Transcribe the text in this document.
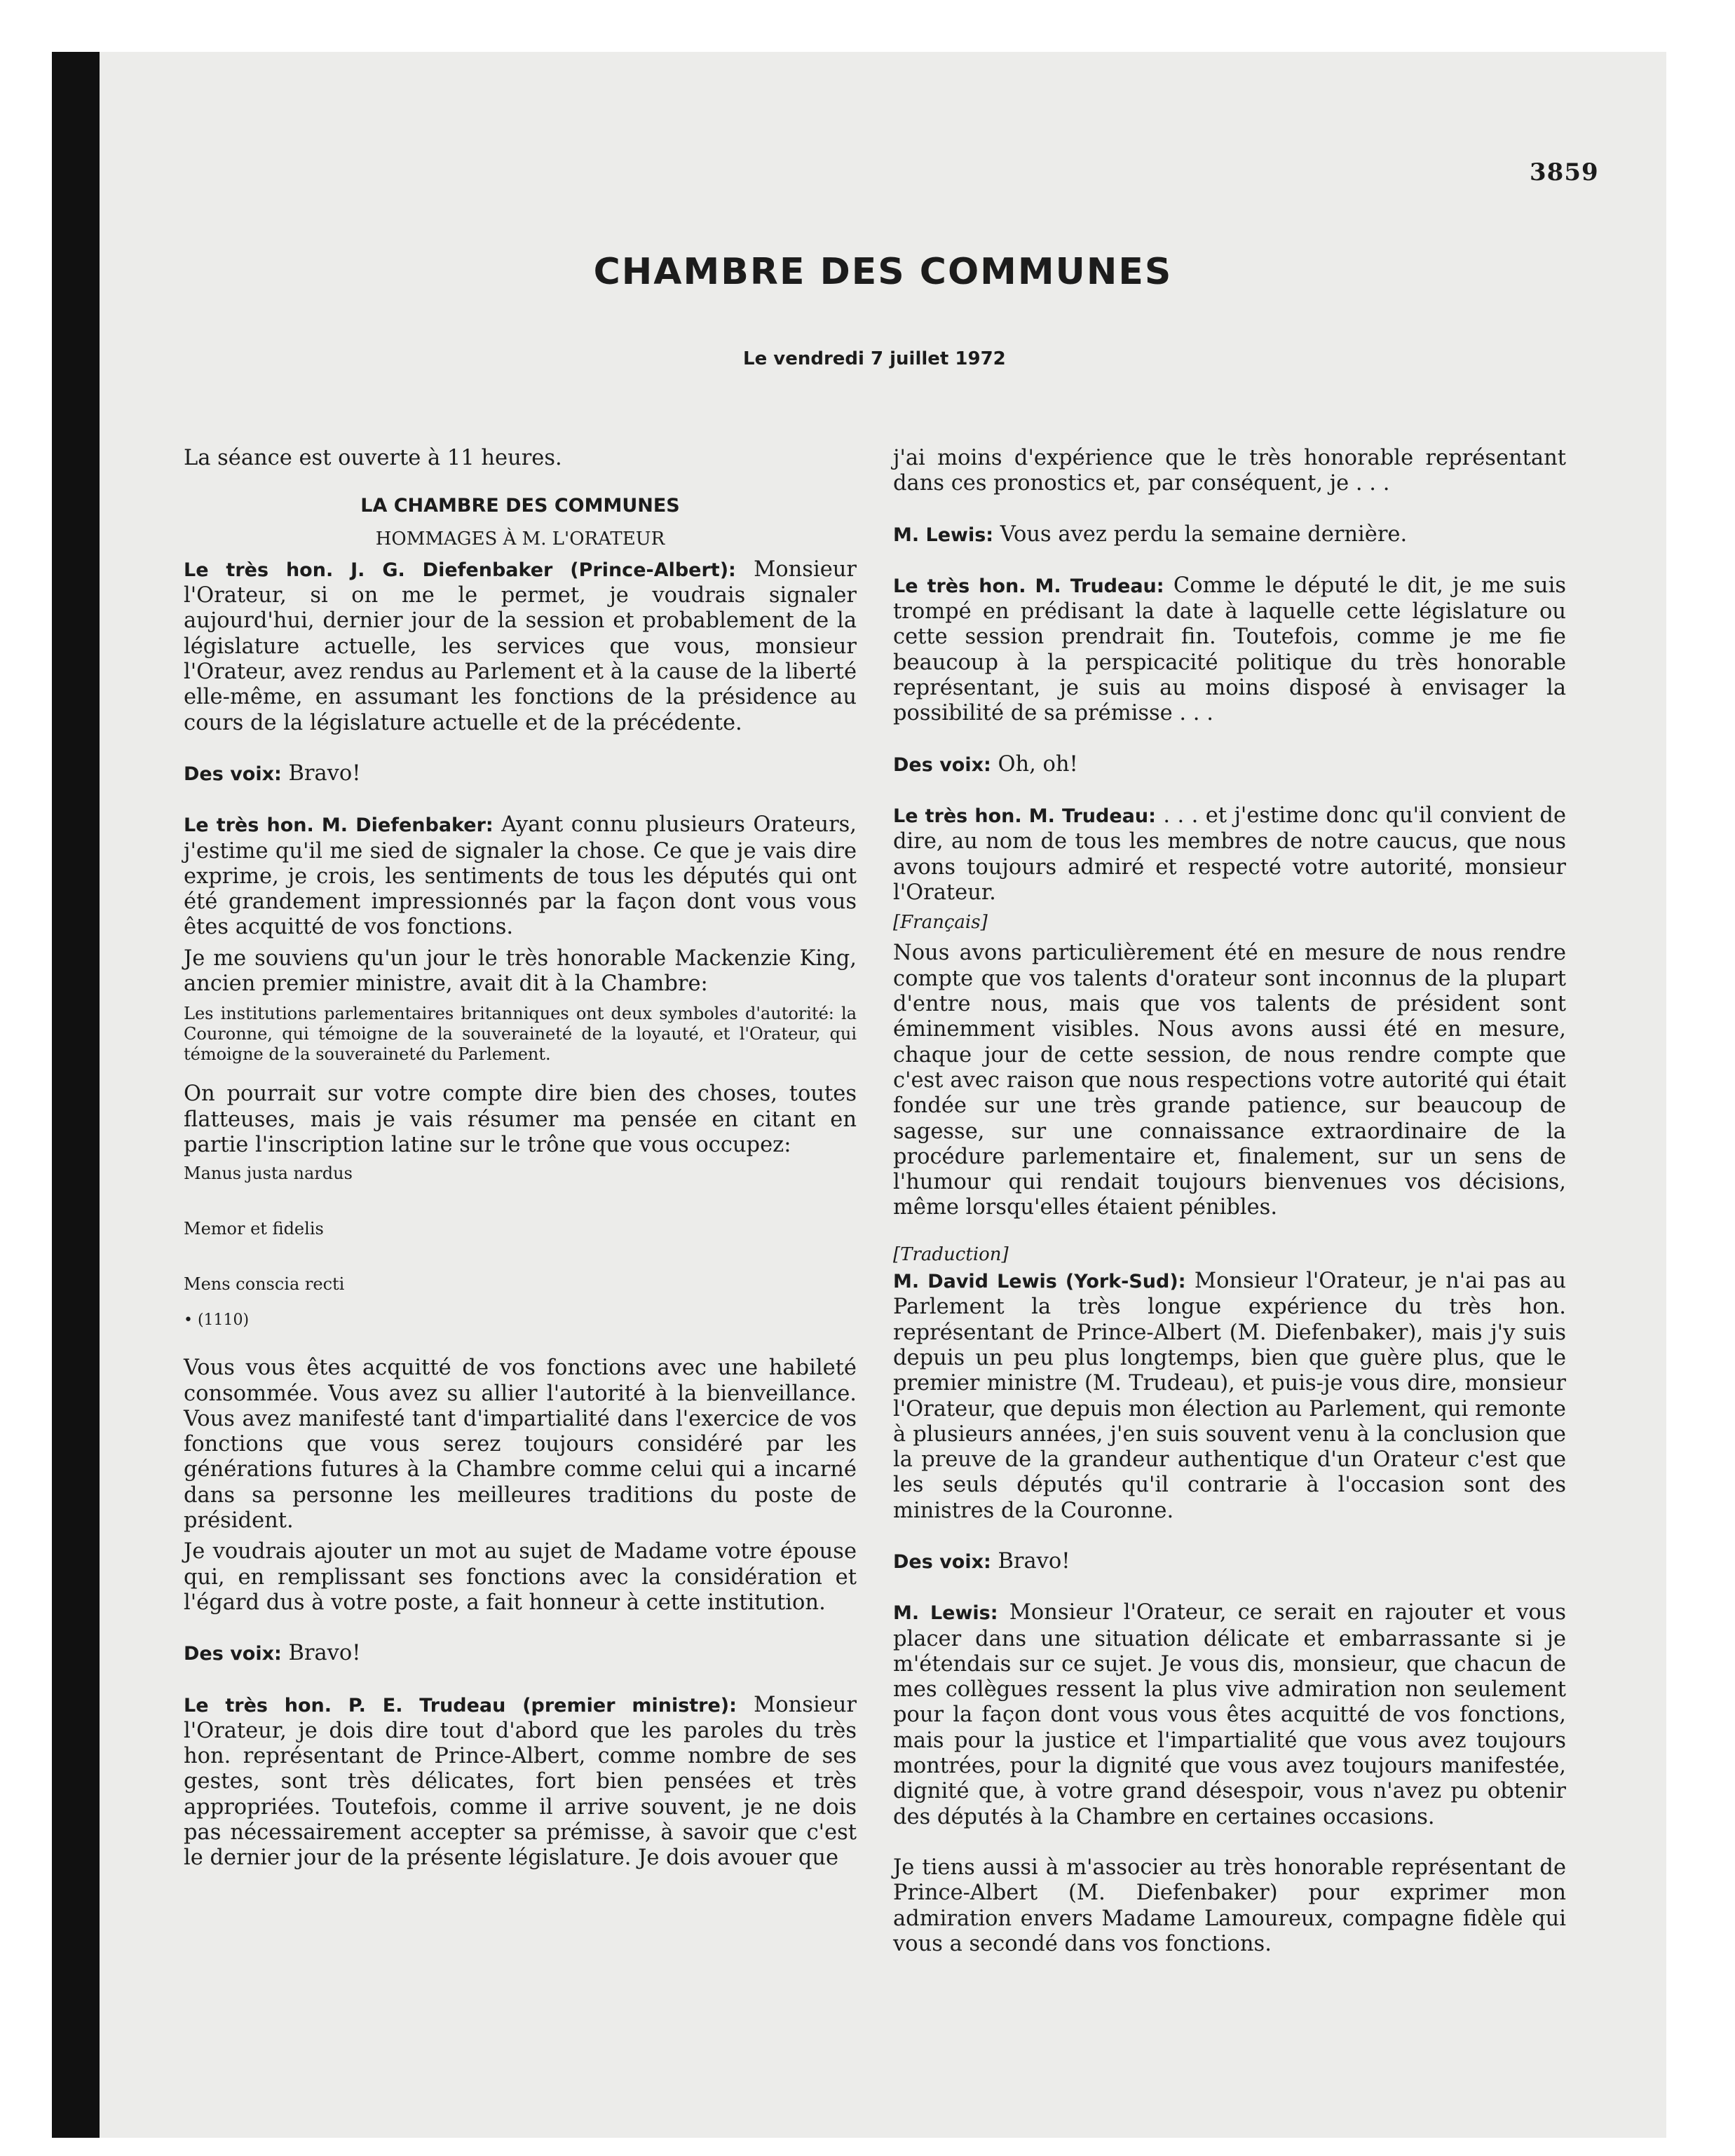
3859
CHAMBRE DES COMMUNES
Le vendredi 7 juillet 1972

La séance est ouverte à 11 heures.

LA CHAMBRE DES COMMUNES
HOMMAGES À M. L'ORATEUR

Le très hon. J. G. Diefenbaker (Prince-Albert): Monsieur l'Orateur, si on me le permet, je voudrais signaler aujourd'hui, dernier jour de la session et probablement de la législature actuelle, les services que vous, monsieur l'Orateur, avez rendus au Parlement et à la cause de la liberté elle-même, en assumant les fonctions de la présidence au cours de la législature actuelle et de la précédente.

Des voix: Bravo!

Le très hon. M. Diefenbaker: Ayant connu plusieurs Orateurs, j'estime qu'il me sied de signaler la chose. Ce que je vais dire exprime, je crois, les sentiments de tous les députés qui ont été grandement impressionnés par la façon dont vous vous êtes acquitté de vos fonctions.

Je me souviens qu'un jour le très honorable Mackenzie King, ancien premier ministre, avait dit à la Chambre:

Les institutions parlementaires britanniques ont deux symboles d'autorité: la Couronne, qui témoigne de la souveraineté de la loyauté, et l'Orateur, qui témoigne de la souveraineté du Parlement.

On pourrait sur votre compte dire bien des choses, toutes flatteuses, mais je vais résumer ma pensée en citant en partie l'inscription latine sur le trône que vous occupez:

Manus justa nardus

Memor et fidelis

Mens conscia recti

• (1110)

Vous vous êtes acquitté de vos fonctions avec une habileté consommée. Vous avez su allier l'autorité à la bienveillance. Vous avez manifesté tant d'impartialité dans l'exercice de vos fonctions que vous serez toujours considéré par les générations futures à la Chambre comme celui qui a incarné dans sa personne les meilleures traditions du poste de président.

Je voudrais ajouter un mot au sujet de Madame votre épouse qui, en remplissant ses fonctions avec la considération et l'égard dus à votre poste, a fait honneur à cette institution.

Des voix: Bravo!

Le très hon. P. E. Trudeau (premier ministre): Monsieur l'Orateur, je dois dire tout d'abord que les paroles du très hon. représentant de Prince-Albert, comme nombre de ses gestes, sont très délicates, fort bien pensées et très appropriées. Toutefois, comme il arrive souvent, je ne dois pas nécessairement accepter sa prémisse, à savoir que c'est le dernier jour de la présente législature. Je dois avouer que

j'ai moins d'expérience que le très honorable représentant dans ces pronostics et, par conséquent, je . . .

M. Lewis: Vous avez perdu la semaine dernière.

Le très hon. M. Trudeau: Comme le député le dit, je me suis trompé en prédisant la date à laquelle cette législature ou cette session prendrait fin. Toutefois, comme je me fie beaucoup à la perspicacité politique du très honorable représentant, je suis au moins disposé à envisager la possibilité de sa prémisse . . .

Des voix: Oh, oh!

Le très hon. M. Trudeau: . . . et j'estime donc qu'il convient de dire, au nom de tous les membres de notre caucus, que nous avons toujours admiré et respecté votre autorité, monsieur l'Orateur.

[Français]

Nous avons particulièrement été en mesure de nous rendre compte que vos talents d'orateur sont inconnus de la plupart d'entre nous, mais que vos talents de président sont éminemment visibles. Nous avons aussi été en mesure, chaque jour de cette session, de nous rendre compte que c'est avec raison que nous respections votre autorité qui était fondée sur une très grande patience, sur beaucoup de sagesse, sur une connaissance extraordinaire de la procédure parlementaire et, finalement, sur un sens de l'humour qui rendait toujours bienvenues vos décisions, même lorsqu'elles étaient pénibles.

[Traduction]

M. David Lewis (York-Sud): Monsieur l'Orateur, je n'ai pas au Parlement la très longue expérience du très hon. représentant de Prince-Albert (M. Diefenbaker), mais j'y suis depuis un peu plus longtemps, bien que guère plus, que le premier ministre (M. Trudeau), et puis-je vous dire, monsieur l'Orateur, que depuis mon élection au Parlement, qui remonte à plusieurs années, j'en suis souvent venu à la conclusion que la preuve de la grandeur authentique d'un Orateur c'est que les seuls députés qu'il contrarie à l'occasion sont des ministres de la Couronne.

Des voix: Bravo!

M. Lewis: Monsieur l'Orateur, ce serait en rajouter et vous placer dans une situation délicate et embarrassante si je m'étendais sur ce sujet. Je vous dis, monsieur, que chacun de mes collègues ressent la plus vive admiration non seulement pour la façon dont vous vous êtes acquitté de vos fonctions, mais pour la justice et l'impartialité que vous avez toujours montrées, pour la dignité que vous avez toujours manifestée, dignité que, à votre grand désespoir, vous n'avez pu obtenir des députés à la Chambre en certaines occasions.

Je tiens aussi à m'associer au très honorable représentant de Prince-Albert (M. Diefenbaker) pour exprimer mon admiration envers Madame Lamoureux, compagne fidèle qui vous a secondé dans vos fonctions.
